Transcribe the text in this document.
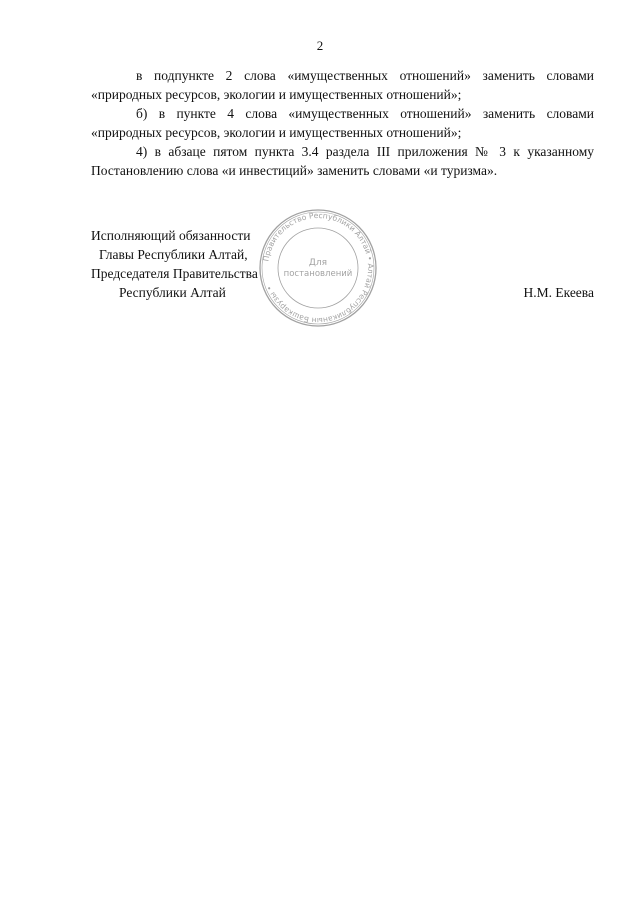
2

в подпункте 2 слова «имущественных отношений» заменить словами «природных ресурсов, экологии и имущественных отношений»;

б) в пункте 4 слова «имущественных отношений» заменить словами «природных ресурсов, экологии и имущественных отношений»;

4) в абзаце пятом пункта 3.4 раздела III приложения № 3 к указанному Постановлению слова «и инвестиций» заменить словами «и туризма».

Исполняющий обязанности
Главы Республики Алтай,
Председателя Правительства
Республики Алтай	Н.М. Екеева
Правительство Республики Алтай • Алтай Республиканын Башкарузы •
Для
постановлений
